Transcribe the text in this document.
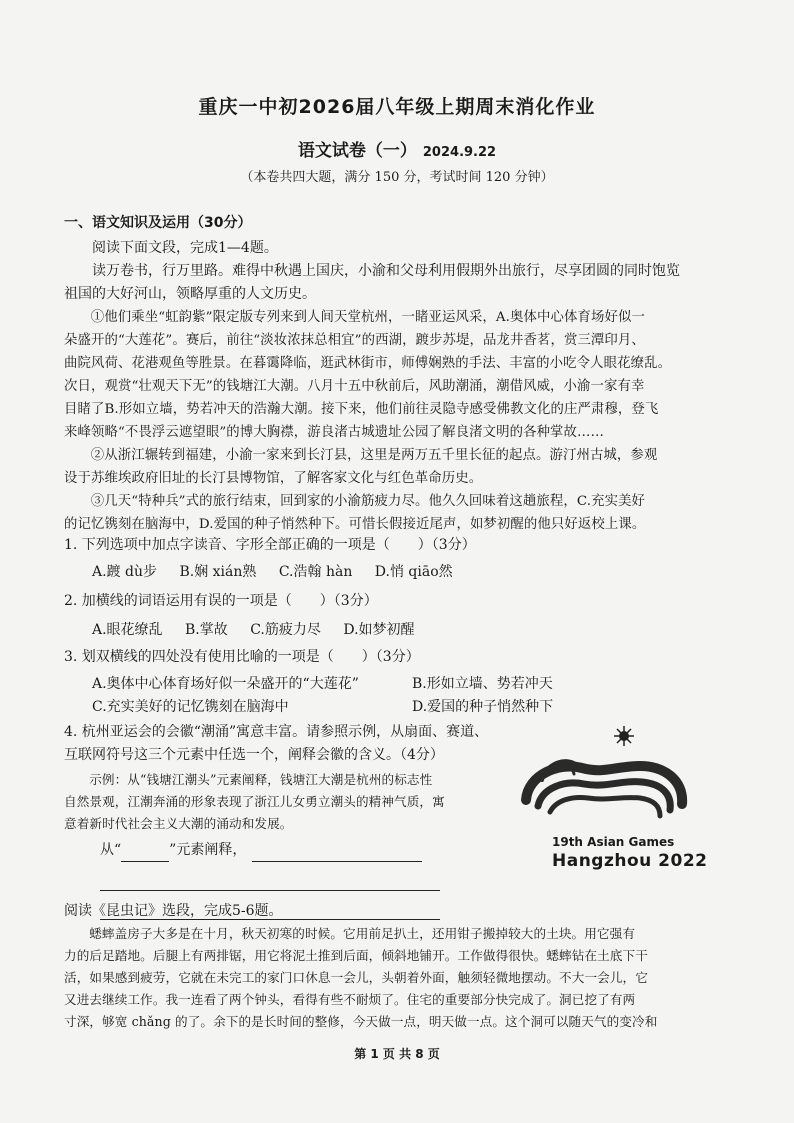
重庆一中初2026届八年级上期周末消化作业
语文试卷（一） 2024.9.22
（本卷共四大题，满分 150 分，考试时间 120 分钟）
一、语文知识及运用（30分）
阅读下面文段，完成1—4题。
读万卷书，行万里路。难得中秋遇上国庆，小渝和父母利用假期外出旅行，尽享团圆的同时饱览
祖国的大好河山，领略厚重的人文历史。
①他们乘坐“虹韵紫”限定版专列来到人间天堂杭州，一睹亚运风采，A.奥体中心体育场好似一
朵盛开的“大莲花”。赛后，前往“淡妆浓抹总相宜”的西湖，踱步苏堤，品龙井香茗，赏三潭印月、
曲院风荷、花港观鱼等胜景。在暮霭降临，逛武林街市，师傅娴熟的手法、丰富的小吃令人眼花缭乱。
次日，观赏“壮观天下无”的钱塘江大潮。八月十五中秋前后，风助潮涌，潮借风威，小渝一家有幸
目睹了B.形如立墙，势若冲天的浩瀚大潮。接下来，他们前往灵隐寺感受佛教文化的庄严肃穆，登飞
来峰领略“不畏浮云遮望眼”的博大胸襟，游良渚古城遗址公园了解良渚文明的各种掌故……
②从浙江辗转到福建，小渝一家来到长汀县，这里是两万五千里长征的起点。游汀州古城，参观
设于苏维埃政府旧址的长汀县博物馆，了解客家文化与红色革命历史。
③几天“特种兵”式的旅行结束，回到家的小渝筋疲力尽。他久久回味着这趟旅程，C.充实美好
的记忆镌刻在脑海中，D.爱国的种子悄然种下。可惜长假接近尾声，如梦初醒的他只好返校上课。
1. 下列选项中加点字读音、字形全部正确的一项是（　　）（3分）
A.踱 dù步 B.娴 xián熟 C.浩翰 hàn D.悄 qiāo然
2. 加横线的词语运用有误的一项是（　　）（3分）
A.眼花缭乱 B.掌故 C.筋疲力尽 D.如梦初醒
3. 划双横线的四处没有使用比喻的一项是（　　）（3分）
A.奥体中心体育场好似一朵盛开的“大莲花”	B.形如立墙、势若冲天
C.充实美好的记忆镌刻在脑海中	D.爱国的种子悄然种下
4. 杭州亚运会的会徽“潮涌”寓意丰富。请参照示例，从扇面、赛道、
互联网符号这三个元素中任选一个，阐释会徽的含义。（4分）
示例：从“钱塘江潮头”元素阐释，钱塘江大潮是杭州的标志性
自然景观，江潮奔涌的形象表现了浙江儿女勇立潮头的精神气质，寓
意着新时代社会主义大潮的涌动和发展。
从“	”元素阐释，	19th Asian Games
Hangzhou 2022
阅读《昆虫记》选段，完成5-6题。
蟋蟀盖房子大多是在十月，秋天初寒的时候。它用前足扒土，还用钳子搬掉较大的土块。用它强有
力的后足踏地。后腿上有两排锯，用它将泥土推到后面，倾斜地铺开。工作做得很快。蟋蟀钻在土底下干
活，如果感到疲劳，它就在未完工的家门口休息一会儿，头朝着外面，触须轻微地摆动。不大一会儿，它
又进去继续工作。我一连看了两个钟头，看得有些不耐烦了。住宅的重要部分快完成了。洞已挖了有两
寸深，够宽 chǎng 的了。余下的是长时间的整修，今天做一点，明天做一点。这个洞可以随天气的变冷和
第 1 页 共 8 页
